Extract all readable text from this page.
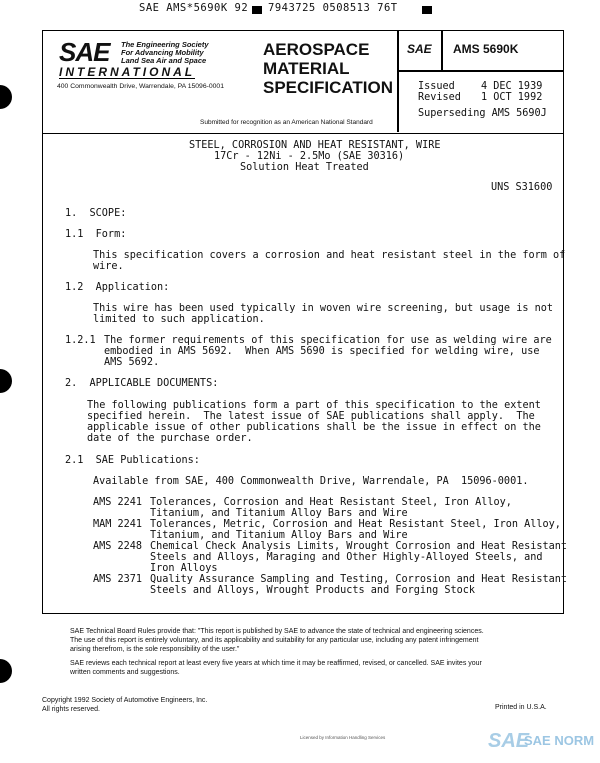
SAE AMS*5690K 92 7943725 0508513 76T
SAE The Engineering Society
For Advancing Mobility
Land Sea Air and Space
INTERNATIONAL
400 Commonwealth Drive, Warrendale, PA 15096-0001
AEROSPACE
MATERIAL
SPECIFICATION
Submitted for recognition as an American National Standard
SAE AMS 5690K
Issued	4 DEC 1939
Revised 1 OCT 1992
Superseding AMS 5690J
STEEL, CORROSION AND HEAT RESISTANT, WIRE
17Cr - 12Ni - 2.5Mo (SAE 30316)
Solution Heat Treated
UNS S31600
1.  SCOPE:
1.1  Form:
This specification covers a corrosion and heat resistant steel in the form of
wire.
1.2  Application:
This wire has been used typically in woven wire screening, but usage is not
limited to such application.
1.2.1 The former requirements of this specification for use as welding wire are
embodied in AMS 5692.  When AMS 5690 is specified for welding wire, use
AMS 5692.
2.  APPLICABLE DOCUMENTS:
The following publications form a part of this specification to the extent
specified herein.  The latest issue of SAE publications shall apply.  The
applicable issue of other publications shall be the issue in effect on the
date of the purchase order.
2.1  SAE Publications:
Available from SAE, 400 Commonwealth Drive, Warrendale, PA  15096-0001.
AMS 2241 Tolerances, Corrosion and Heat Resistant Steel, Iron Alloy,
Titanium, and Titanium Alloy Bars and Wire
MAM 2241 Tolerances, Metric, Corrosion and Heat Resistant Steel, Iron Alloy,
Titanium, and Titanium Alloy Bars and Wire
AMS 2248 Chemical Check Analysis Limits, Wrought Corrosion and Heat Resistant
Steels and Alloys, Maraging and Other Highly-Alloyed Steels, and
Iron Alloys
AMS 2371 Quality Assurance Sampling and Testing, Corrosion and Heat Resistant
Steels and Alloys, Wrought Products and Forging Stock
SAE Technical Board Rules provide that: "This report is published by SAE to advance the state of technical and engineering sciences.
The use of this report is entirely voluntary, and its applicability and suitability for any particular use, including any patent infringement
arising therefrom, is the sole responsibility of the user."
SAE reviews each technical report at least every five years at which time it may be reaffirmed, revised, or cancelled. SAE invites your
written comments and suggestions.
Copyright 1992 Society of Automotive Engineers, Inc.
All rights reserved.	Printed in U.S.A.
Licensed by Information Handling Services	SAE
SAE NORM
